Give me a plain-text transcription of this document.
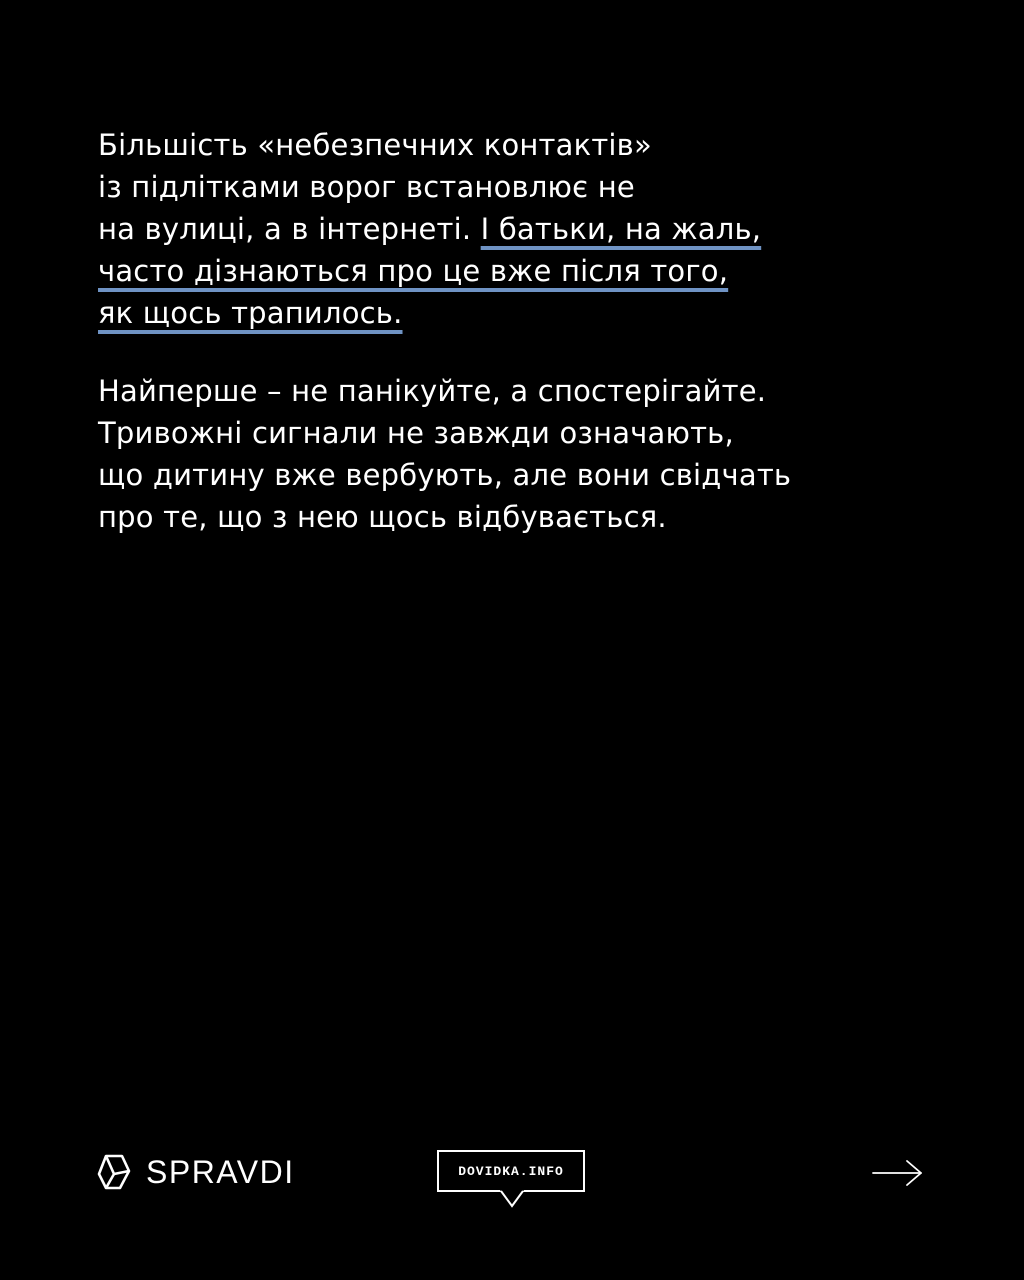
Більшість «небезпечних контактів»
із підлітками ворог встановлює не
на вулиці, а в інтернеті. І батьки, на жаль,
часто дізнаються про це вже після того,
як щось трапилось.
Найперше – не панікуйте, а спостерігайте.
Тривожні сигнали не завжди означають,
що дитину вже вербують, але вони свідчать
про те, що з нею щось відбувається.
SPRAVDI	DOVIDKA.INFO
